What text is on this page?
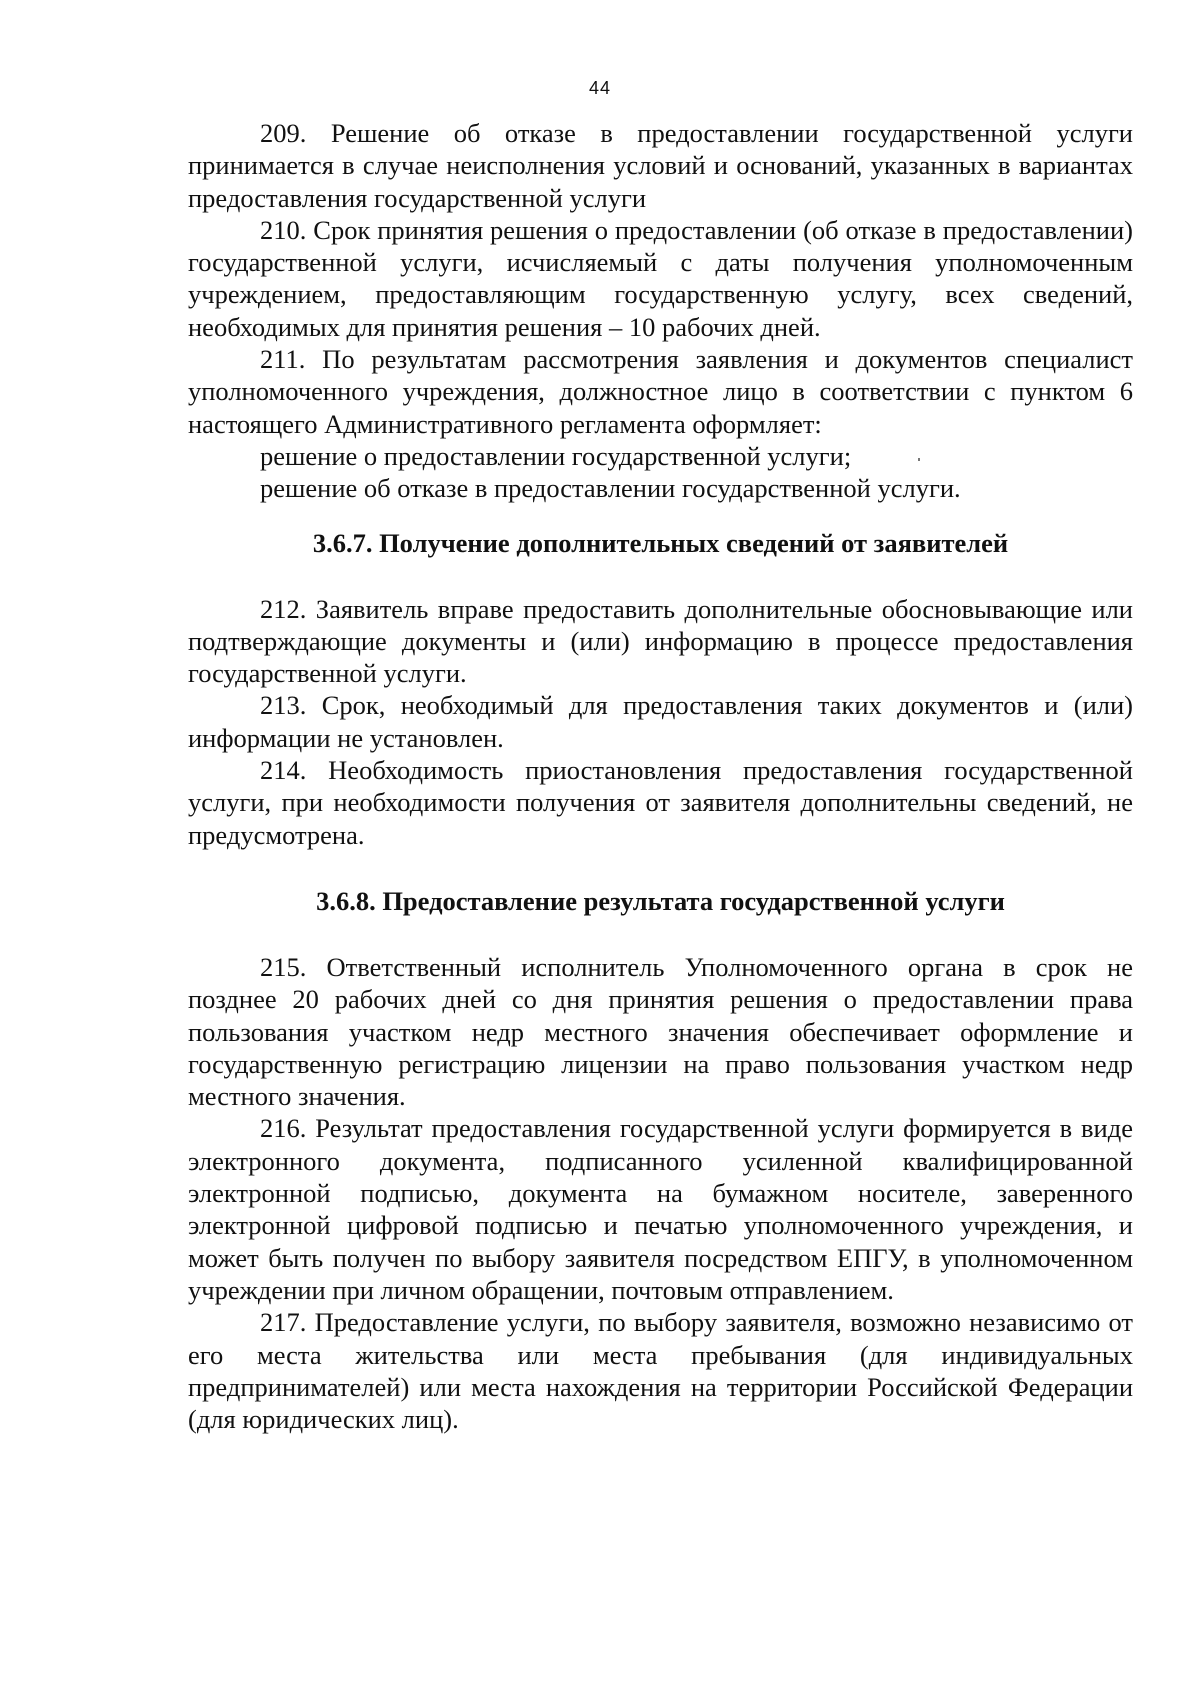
44

209. Решение об отказе в предоставлении государственной услуги принимается в случае неисполнения условий и оснований, указанных в вариантах предоставления государственной услуги

210. Срок принятия решения о предоставлении (об отказе в предоставлении) государственной услуги, исчисляемый с даты получения уполномоченным учреждением, предоставляющим государственную услугу, всех сведений, необходимых для принятия решения – 10 рабочих дней.

211. По результатам рассмотрения заявления и документов специалист уполномоченного учреждения, должностное лицо в соответствии с пунктом 6 настоящего Административного регламента оформляет:

решение о предоставлении государственной услуги;

решение об отказе в предоставлении государственной услуги.

3.6.7. Получение дополнительных сведений от заявителей

212. Заявитель вправе предоставить дополнительные обосновывающие или подтверждающие документы и (или) информацию в процессе предоставления государственной услуги.

213. Срок, необходимый для предоставления таких документов и (или) информации не установлен.

214. Необходимость приостановления предоставления государственной услуги, при необходимости получения от заявителя дополнительны сведений, не предусмотрена.

3.6.8. Предоставление результата государственной услуги

215. Ответственный исполнитель Уполномоченного органа в срок не позднее 20 рабочих дней со дня принятия решения о предоставлении права пользования участком недр местного значения обеспечивает оформление и государственную регистрацию лицензии на право пользования участком недр местного значения.

216. Результат предоставления государственной услуги формируется в виде электронного документа, подписанного усиленной квалифицированной электронной подписью, документа на бумажном носителе, заверенного электронной цифровой подписью и печатью уполномоченного учреждения, и может быть получен по выбору заявителя посредством ЕПГУ, в уполномоченном учреждении при личном обращении, почтовым отправлением.

217. Предоставление услуги, по выбору заявителя, возможно независимо от его места жительства или места пребывания (для индивидуальных предпринимателей) или места нахождения на территории Российской Федерации (для юридических лиц).
